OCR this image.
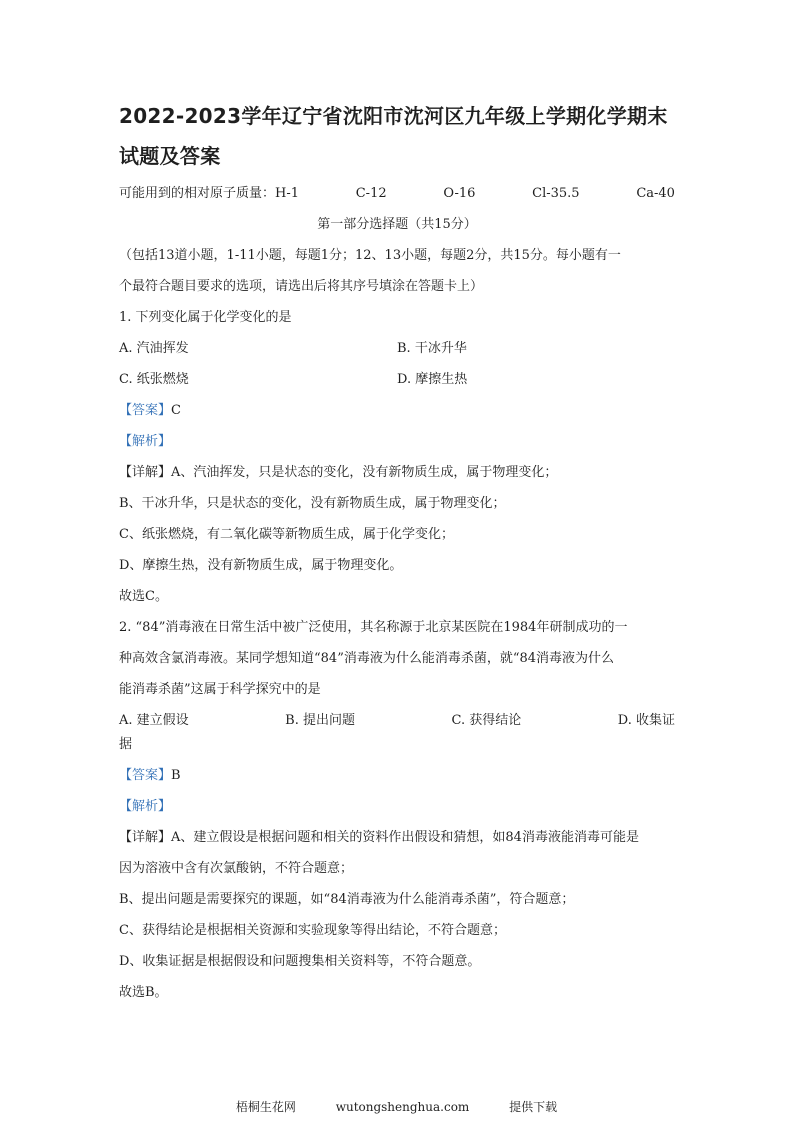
2022-2023学年辽宁省沈阳市沈河区九年级上学期化学期末
试题及答案
可能用到的相对原子质量：H-1	C-12	O-16	Cl-35.5	Ca-40
第一部分选择题（共15分）
（包括13道小题，1-11小题，每题1分；12、13小题，每题2分，共15分。每小题有一
个最符合题目要求的选项，请选出后将其序号填涂在答题卡上）
1. 下列变化属于化学变化的是
A. 汽油挥发	B. 干冰升华
C. 纸张燃烧	D. 摩擦生热
【答案】C
【解析】
【详解】A、汽油挥发，只是状态的变化，没有新物质生成，属于物理变化；
B、干冰升华，只是状态的变化，没有新物质生成，属于物理变化；
C、纸张燃烧，有二氧化碳等新物质生成，属于化学变化；
D、摩擦生热，没有新物质生成，属于物理变化。
故选C。
2. “84”消毒液在日常生活中被广泛使用，其名称源于北京某医院在1984年研制成功的一
种高效含氯消毒液。某同学想知道“84”消毒液为什么能消毒杀菌，就“84消毒液为什么
能消毒杀菌”这属于科学探究中的是
A. 建立假设	B. 提出问题	C. 获得结论	D. 收集证
据
【答案】B
【解析】
【详解】A、建立假设是根据问题和相关的资料作出假设和猜想，如84消毒液能消毒可能是
因为溶液中含有次氯酸钠，不符合题意；
B、提出问题是需要探究的课题，如“84消毒液为什么能消毒杀菌”，符合题意；
C、获得结论是根据相关资源和实验现象等得出结论，不符合题意；
D、收集证据是根据假设和问题搜集相关资料等，不符合题意。
故选B。
梧桐生花网	wutongshenghua.com	提供下载
